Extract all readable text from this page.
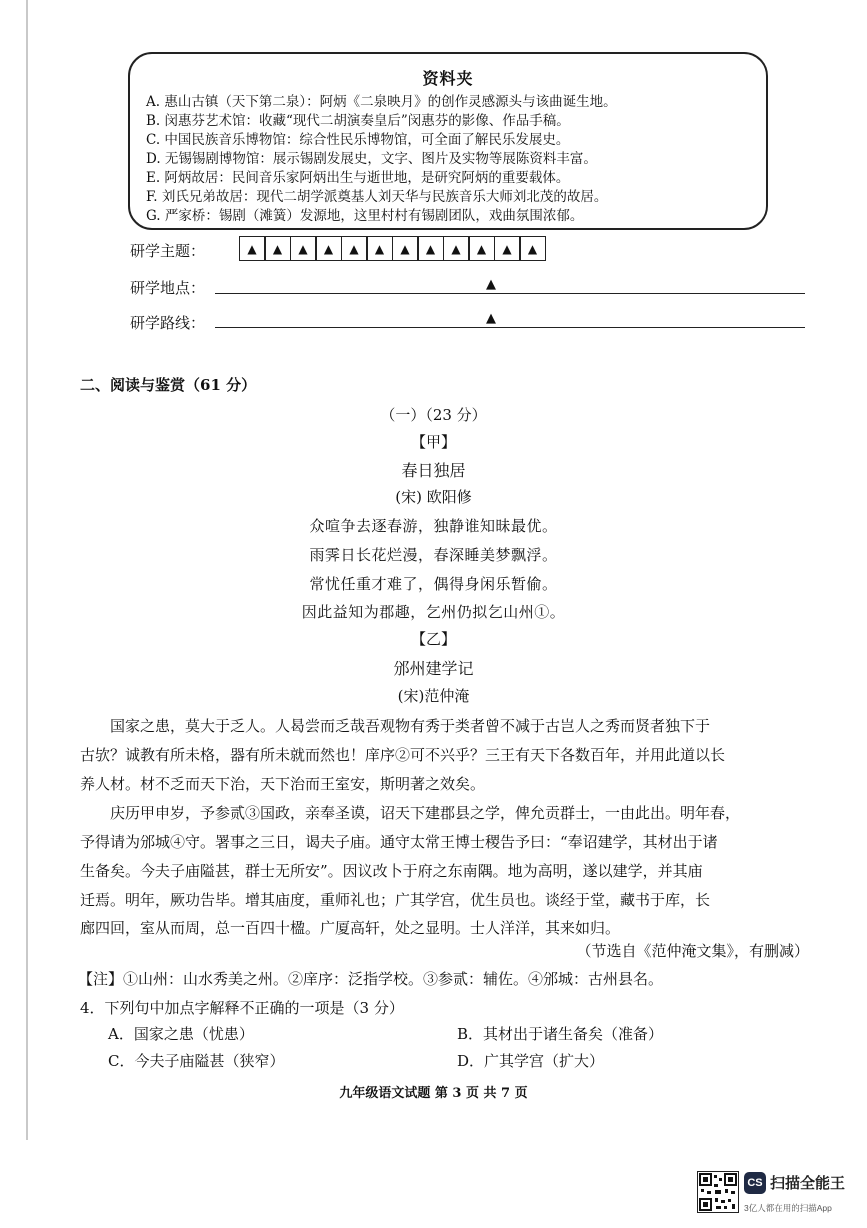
资料夹
A. 惠山古镇（天下第二泉）：阿炳《二泉映月》的创作灵感源头与该曲诞生地。
B. 闵惠芬艺术馆：收藏“现代二胡演奏皇后”闵惠芬的影像、作品手稿。
C. 中国民族音乐博物馆：综合性民乐博物馆，可全面了解民乐发展史。
D. 无锡锡剧博物馆：展示锡剧发展史，文字、图片及实物等展陈资料丰富。
E. 阿炳故居：民间音乐家阿炳出生与逝世地，是研究阿炳的重要载体。
F. 刘氏兄弟故居：现代二胡学派奠基人刘天华与民族音乐大师刘北茂的故居。
G. 严家桥：锡剧（滩簧）发源地，这里村村有锡剧团队，戏曲氛围浓郁。
研学主题：	▲	▲	▲	▲	▲	▲	▲	▲	▲	▲	▲	▲
研学地点：	▲
研学路线：	▲
二、阅读与鉴赏（61 分）
（一）（23 分）
【甲】
春日独居
(宋) 欧阳修
众喧争去逐春游，独静谁知昧最优。
雨霁日长花烂漫，春深睡美梦飘浮。
常忧任重才难了，偶得身闲乐暂偷。
因此益知为郡趣，乞州仍拟乞山州①。
【乙】
邠州建学记
(宋)范仲淹
国家之患，莫大于乏人。人曷尝而乏哉吾观物有秀于类者曾不减于古岂人之秀而贤者独下于
古欤？诚教有所未格，器有所未就而然也！庠序②可不兴乎？三王有天下各数百年，并用此道以长
养人材。材不乏而天下治，天下治而王室安，斯明著之效矣。
庆历甲申岁，予参贰③国政，亲奉圣谟，诏天下建郡县之学，俾允贡群士，一由此出。明年春，
予得请为邠城④守。署事之三日，谒夫子庙。通守太常王博士稷告予曰：“奉诏建学，其材出于诸
生备矣。今夫子庙隘甚，群士无所安”。因议改卜于府之东南隅。地为高明，遂以建学，并其庙
迁焉。明年，厥功告毕。增其庙度，重师礼也；广其学宫，优生员也。谈经于堂，藏书于库，长
廊四回，室从而周，总一百四十楹。广厦高轩，处之显明。士人洋洋，其来如归。
（节选自《范仲淹文集》，有删减）
【注】①山州：山水秀美之州。②庠序：泛指学校。③参贰：辅佐。④邠城：古州县名。
4．下列句中加点字解释不正确的一项是（3 分）
A．国家之患（忧患）	B．其材出于诸生备矣（准备）
C．今夫子庙隘甚（狭窄）	D．广其学宫（扩大）
九年级语文试题 第 3 页 共 7 页
CS 扫描全能王
3亿人都在用的扫描App
